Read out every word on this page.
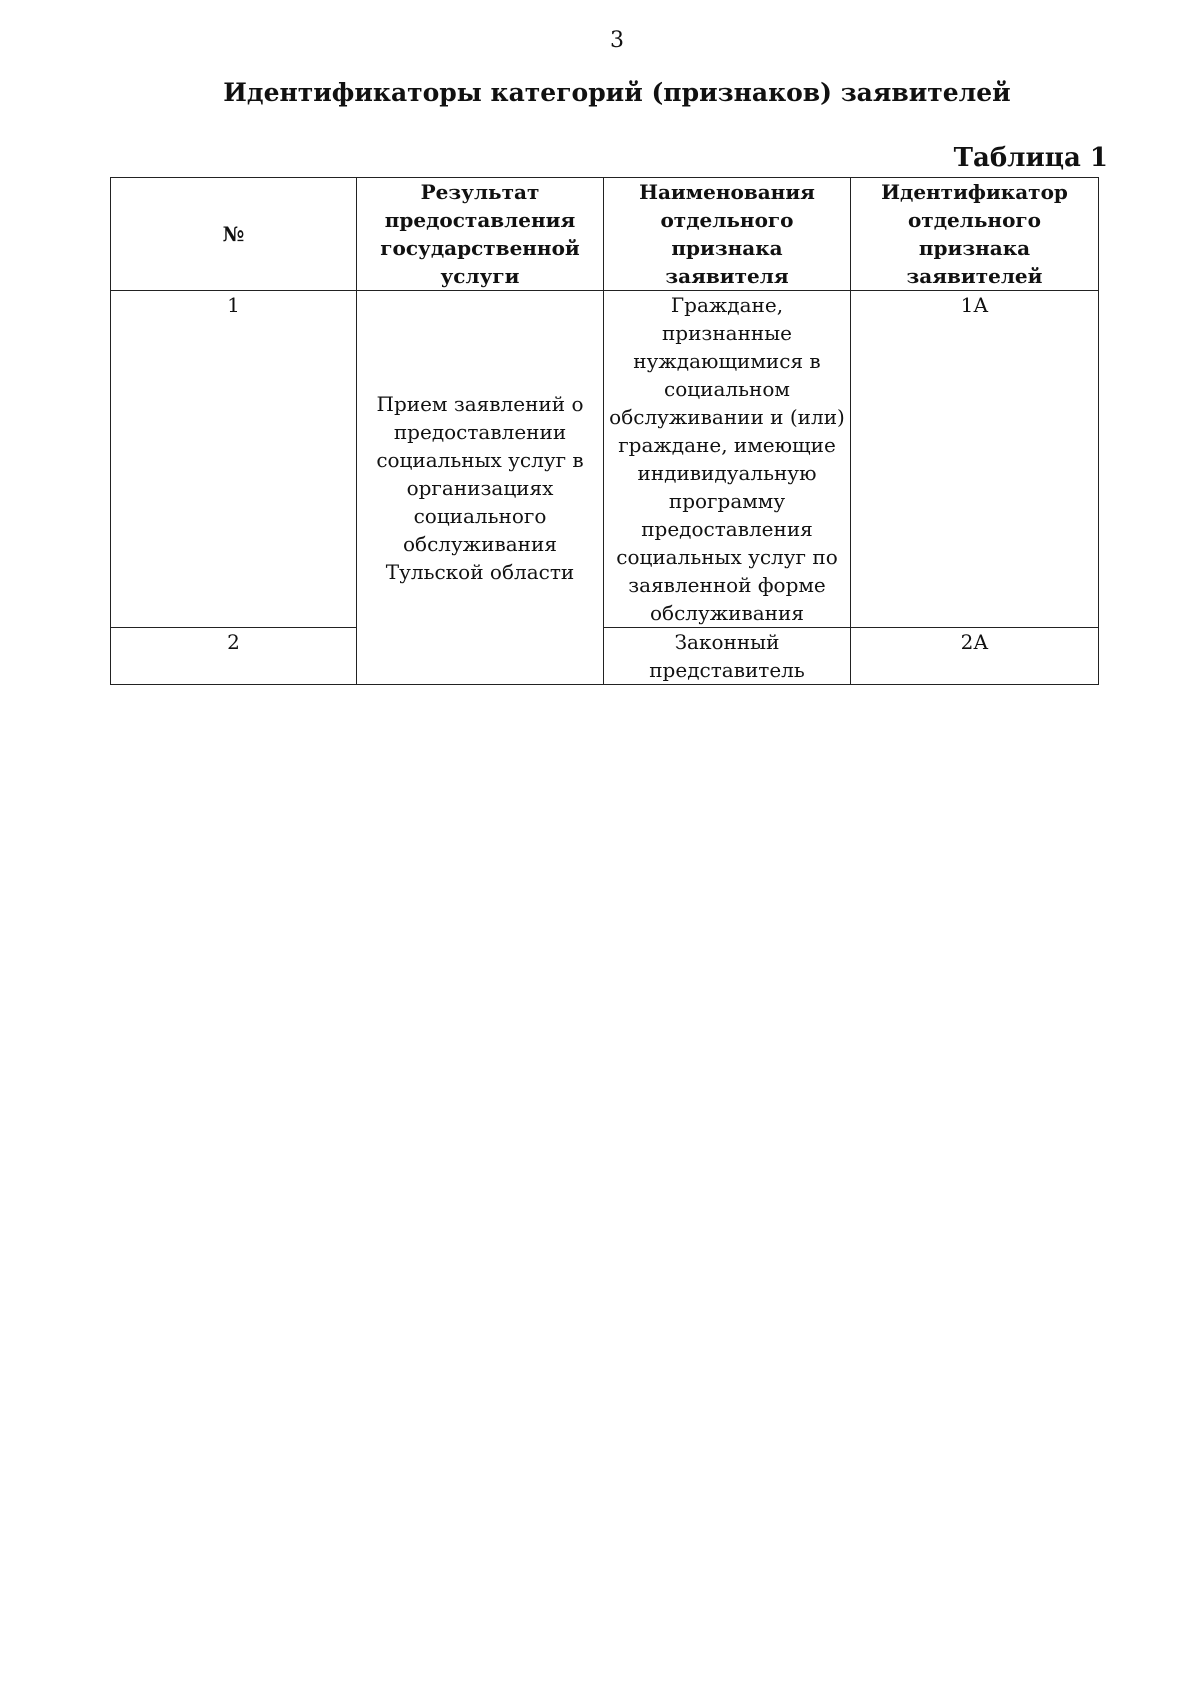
3
Идентификаторы категорий (признаков) заявителей
Таблица 1
№	Результат предоставления государственной услуги	Наименования отдельного признака заявителя	Идентификатор отдельного признака заявителей
1	Прием заявлений о предоставлении социальных услуг в организациях социального обслуживания Тульской области	Граждане, признанные нуждающимися в социальном обслуживании и (или) граждане, имеющие индивидуальную программу предоставления социальных услуг по заявленной форме обслуживания	1А
2		Законный представитель	2А
